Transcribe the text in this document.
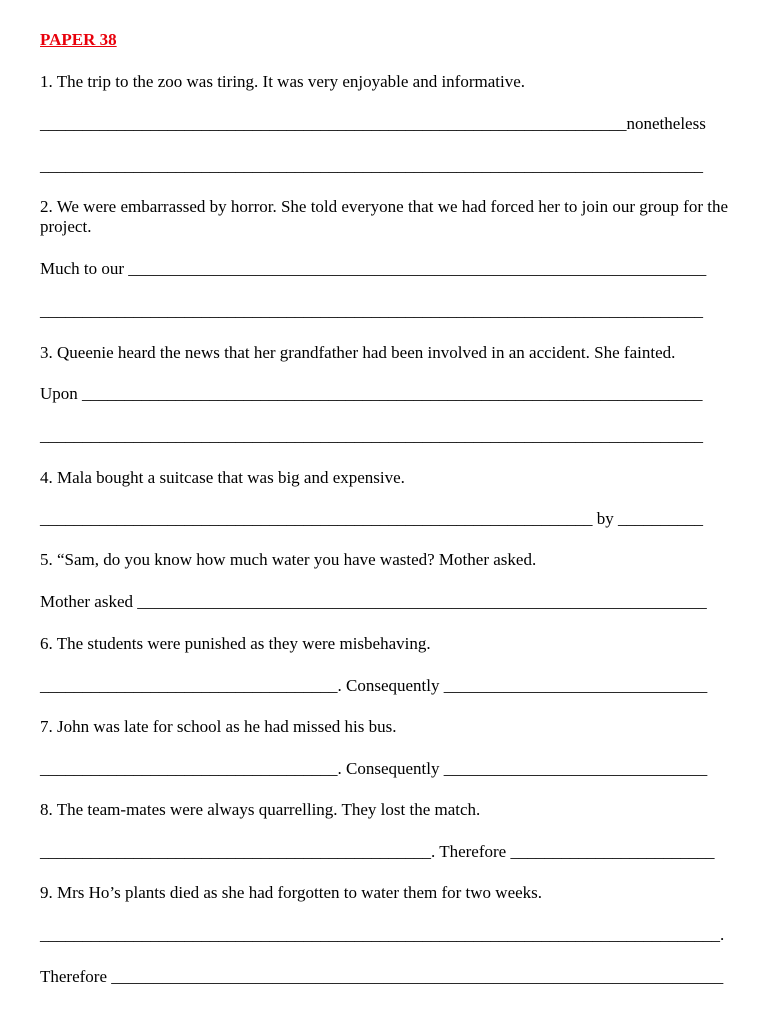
PAPER 38
1. The trip to the zoo was tiring. It was very enjoyable and informative.
_____________________________________________________________________nonetheless
______________________________________________________________________________
2. We were embarrassed by horror. She told everyone that we had forced her to join our group for the project.
Much to our ____________________________________________________________________
______________________________________________________________________________
3. Queenie heard the news that her grandfather had been involved in an accident. She fainted.
Upon _________________________________________________________________________
______________________________________________________________________________
4. Mala bought a suitcase that was big and expensive.
_________________________________________________________________ by __________
5. “Sam, do you know how much water you have wasted? Mother asked.
Mother asked ___________________________________________________________________
6. The students were punished as they were misbehaving.
___________________________________. Consequently _______________________________
7. John was late for school as he had missed his bus.
___________________________________. Consequently _______________________________
8. The team-mates were always quarrelling. They lost the match.
______________________________________________. Therefore ________________________
9. Mrs Ho’s plants died as she had forgotten to water them for two weeks.
________________________________________________________________________________.
Therefore ________________________________________________________________________
